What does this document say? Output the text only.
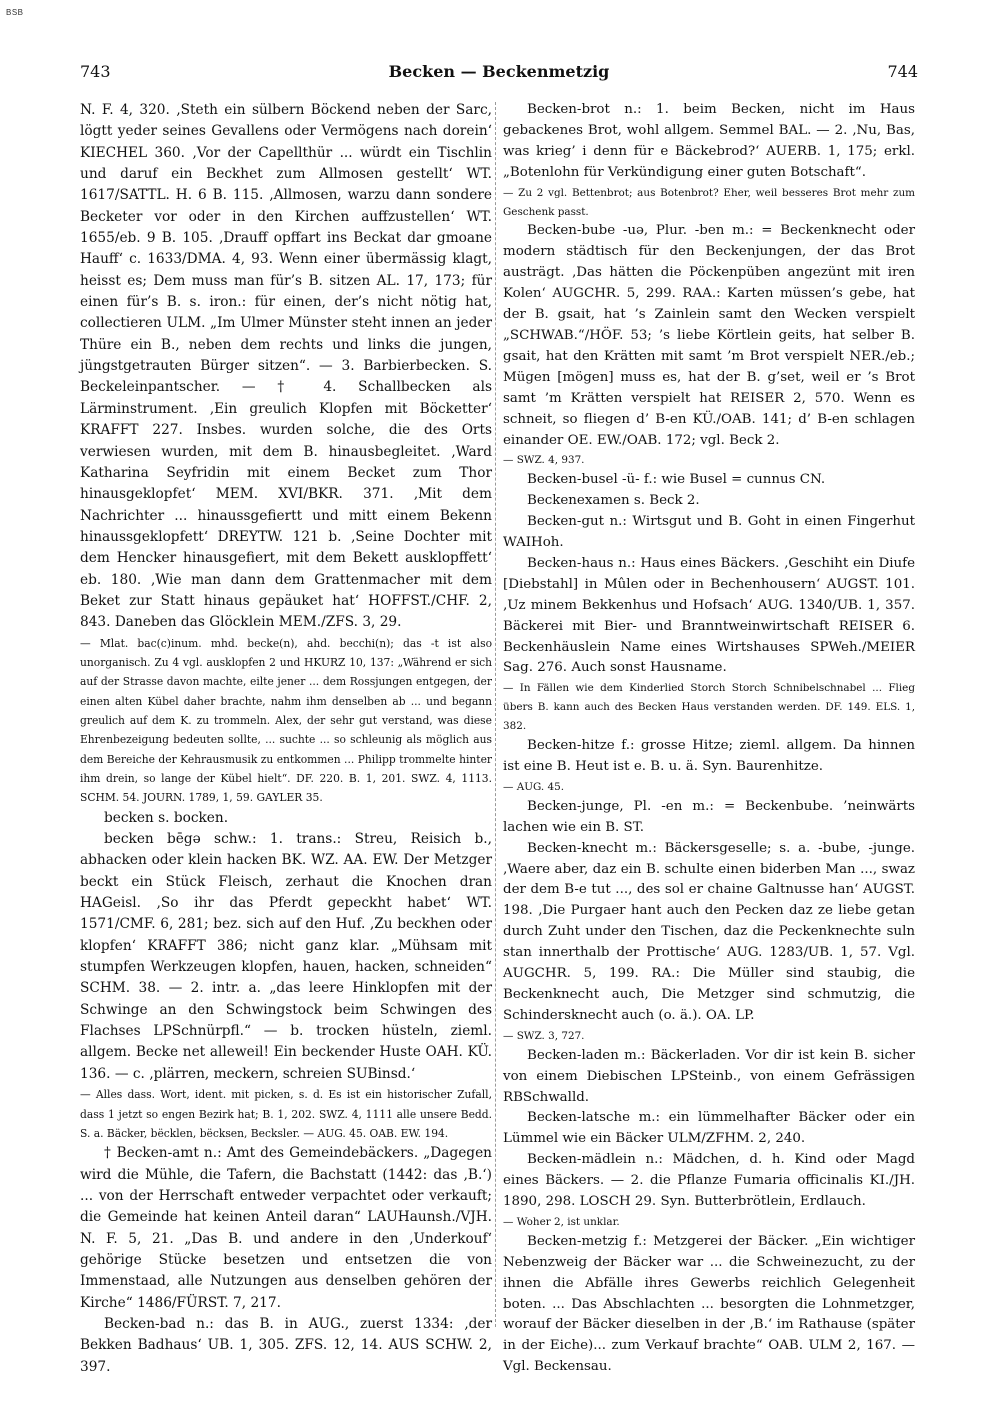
BSB
743	Becken — Beckenmetzig	744

N. F. 4, 320. ‚Steth ein sülbern Böckend neben der Sarc, lögtt yeder seines Gevallens oder Vermögens nach dorein‘ KIECHEL 360. ‚Vor der Capellthür ... würdt ein Tischlin und daruf ein Beckhet zum Allmosen gestellt‘ WT. 1617/SATTL. H. 6 B. 115. ‚Allmosen, warzu dann sondere Becketer vor oder in den Kirchen auffzustellen‘ WT. 1655/eb. 9 B. 105. ‚Drauff opffart ins Beckat dar gmoane Hauff‘ c. 1633/DMA. 4, 93. Wenn einer übermässig klagt, heisst es; Dem muss man für’s B. sitzen AL. 17, 173; für einen für’s B. s. iron.: für einen, der’s nicht nötig hat, collectieren ULM. „Im Ulmer Münster steht innen an jeder Thüre ein B., neben dem rechts und links die jungen, jüngstgetrauten Bürger sitzen“. — 3. Barbierbecken. S. Beckeleinpantscher. — † 4. Schallbecken als Lärminstrument. ‚Ein greulich Klopfen mit Böcketter‘ KRAFFT 227. Insbes. wurden solche, die des Orts verwiesen wurden, mit dem B. hinausbegleitet. ‚Ward Katharina Seyfridin mit einem Becket zum Thor hinausgeklopfet‘ MEM. XVI/BKR. 371. ‚Mit dem Nachrichter ... hinaussgefiertt und mitt einem Bekenn hinaussgeklopfett‘ DREYTW. 121 b. ‚Seine Dochter mit dem Hencker hinausgefiert, mit dem Bekett ausklopffett‘ eb. 180. ‚Wie man dann dem Grattenmacher mit dem Beket zur Statt hinaus gepäuket hat‘ HOFFST./CHF. 2, 843. Daneben das Glöcklein MEM./ZFS. 3, 29.

— Mlat. bac(c)inum. mhd. becke(n), ahd. becchi(n); das -t ist also unorganisch. Zu 4 vgl. ausklopfen 2 und HKURZ 10, 137: „Während er sich auf der Strasse davon machte, eilte jener ... dem Rossjungen entgegen, der einen alten Kübel daher brachte, nahm ihm denselben ab ... und begann greulich auf dem K. zu trommeln. Alex, der sehr gut verstand, was diese Ehrenbezeigung bedeuten sollte, ... suchte ... so schleunig als möglich aus dem Bereiche der Kehrausmusik zu entkommen ... Philipp trommelte hinter ihm drein, so lange der Kübel hielt“. DF. 220. B. 1, 201. SWZ. 4, 1113. SCHM. 54. JOURN. 1789, 1, 59. GAYLER 35.

becken s. bocken.

becken bēgə schw.: 1. trans.: Streu, Reisich b., abhacken oder klein hacken BK. WZ. AA. EW. Der Metzger beckt ein Stück Fleisch, zerhaut die Knochen dran HAGeisl. ‚So ihr das Pferdt gepeckht habet‘ WT. 1571/CMF. 6, 281; bez. sich auf den Huf. ‚Zu beckhen oder klopfen‘ KRAFFT 386; nicht ganz klar. „Mühsam mit stumpfen Werkzeugen klopfen, hauen, hacken, schneiden“ SCHM. 38. — 2. intr. a. „das leere Hinklopfen mit der Schwinge an den Schwingstock beim Schwingen des Flachses LPSchnürpfl.“ — b. trocken hüsteln, zieml. allgem. Becke net alleweil! Ein beckender Huste OAH. KÜ. 136. — c. ‚plärren, meckern, schreien SUBinsd.‘

— Alles dass. Wort, ident. mit picken, s. d. Es ist ein historischer Zufall, dass 1 jetzt so engen Bezirk hat; B. 1, 202. SWZ. 4, 1111 alle unsere Bedd. S. a. Bäcker, bëcklen, bëcksen, Becksler. — AUG. 45. OAB. EW. 194.

† Becken-amt n.: Amt des Gemeindebäckers. „Dagegen wird die Mühle, die Tafern, die Bachstatt (1442: das ‚B.‘) ... von der Herrschaft entweder verpachtet oder verkauft; die Gemeinde hat keinen Anteil daran“ LAUHaunsh./VJH. N. F. 5, 21. „Das B. und andere in den ‚Underkouf‘ gehörige Stücke besetzen und entsetzen die von Immenstaad, alle Nutzungen aus denselben gehören der Kirche“ 1486/FÜRST. 7, 217.

Becken-bad n.: das B. in AUG., zuerst 1334: ‚der Bekken Badhaus‘ UB. 1, 305. ZFS. 12, 14. AUS SCHW. 2, 397.

Becken-brot n.: 1. beim Becken, nicht im Haus gebackenes Brot, wohl allgem. Semmel BAL. — 2. ‚Nu, Bas, was krieg’ i denn für e Bäckebrod?‘ AUERB. 1, 175; erkl. „Botenlohn für Verkündigung einer guten Botschaft“.

— Zu 2 vgl. Bettenbrot; aus Botenbrot? Eher, weil besseres Brot mehr zum Geschenk passt.

Becken-bube -uə, Plur. -ben m.: = Beckenknecht oder modern städtisch für den Beckenjungen, der das Brot austrägt. ‚Das hätten die Pöckenpüben angezünt mit iren Kolen‘ AUGCHR. 5, 299. RAA.: Karten müssen’s gebe, hat der B. gsait, hat ’s Zainlein samt den Wecken verspielt „SCHWAB.“/HÖF. 53; ’s liebe Körtlein geits, hat selber B. gsait, hat den Krätten mit samt ’m Brot verspielt NER./eb.; Mügen [mögen] muss es, hat der B. g’set, weil er ’s Brot samt ’m Krätten verspielt hat REISER 2, 570. Wenn es schneit, so fliegen d’ B-en KÜ./OAB. 141; d’ B-en schlagen einander OE. EW./OAB. 172; vgl. Beck 2.

— SWZ. 4, 937.

Becken-busel -ü- f.: wie Busel = cunnus CN.

Beckenexamen s. Beck 2.

Becken-gut n.: Wirtsgut und B. Goht in einen Fingerhut WAIHoh.

Becken-haus n.: Haus eines Bäckers. ‚Geschiht ein Diufe [Diebstahl] in Mûlen oder in Bechenhousern‘ AUGST. 101. ‚Uz minem Bekkenhus und Hofsach‘ AUG. 1340/UB. 1, 357. Bäckerei mit Bier- und Branntweinwirtschaft REISER 6. Beckenhäuslein Name eines Wirtshauses SPWeh./MEIER Sag. 276. Auch sonst Hausname.

— In Fällen wie dem Kinderlied Storch Storch Schnibelschnabel ... Flieg übers B. kann auch des Becken Haus verstanden werden. DF. 149. ELS. 1, 382.

Becken-hitze f.: grosse Hitze; zieml. allgem. Da hinnen ist eine B. Heut ist e. B. u. ä. Syn. Baurenhitze.

— AUG. 45.

Becken-junge, Pl. -en m.: = Beckenbube. ’neinwärts lachen wie ein B. ST.

Becken-knecht m.: Bäckersgeselle; s. a. -bube, -junge. ‚Waere aber, daz ein B. schulte einen biderben Man ..., swaz der dem B-e tut ..., des sol er chaine Galtnusse han‘ AUGST. 198. ‚Die Purgaer hant auch den Pecken daz ze liebe getan durch Zuht under den Tischen, daz die Peckenknechte suln stan innerthalb der Prottische‘ AUG. 1283/UB. 1, 57. Vgl. AUGCHR. 5, 199. RA.: Die Müller sind staubig, die Beckenknecht auch, Die Metzger sind schmutzig, die Schindersknecht auch (o. ä.). OA. LP.

— SWZ. 3, 727.

Becken-laden m.: Bäckerladen. Vor dir ist kein B. sicher von einem Diebischen LPSteinb., von einem Gefrässigen RBSchwalld.

Becken-latsche m.: ein lümmelhafter Bäcker oder ein Lümmel wie ein Bäcker ULM/ZFHM. 2, 240.

Becken-mädlein n.: Mädchen, d. h. Kind oder Magd eines Bäckers. — 2. die Pflanze Fumaria officinalis KI./JH. 1890, 298. LOSCH 29. Syn. Butterbrötlein, Erdlauch.

— Woher 2, ist unklar.

Becken-metzig f.: Metzgerei der Bäcker. „Ein wichtiger Nebenzweig der Bäcker war ... die Schweinezucht, zu der ihnen die Abfälle ihres Gewerbs reichlich Gelegenheit boten. ... Das Abschlachten ... besorgten die Lohnmetzger, worauf der Bäcker dieselben in der ‚B.‘ im Rathause (später in der Eiche)... zum Verkauf brachte“ OAB. ULM 2, 167. — Vgl. Beckensau.
